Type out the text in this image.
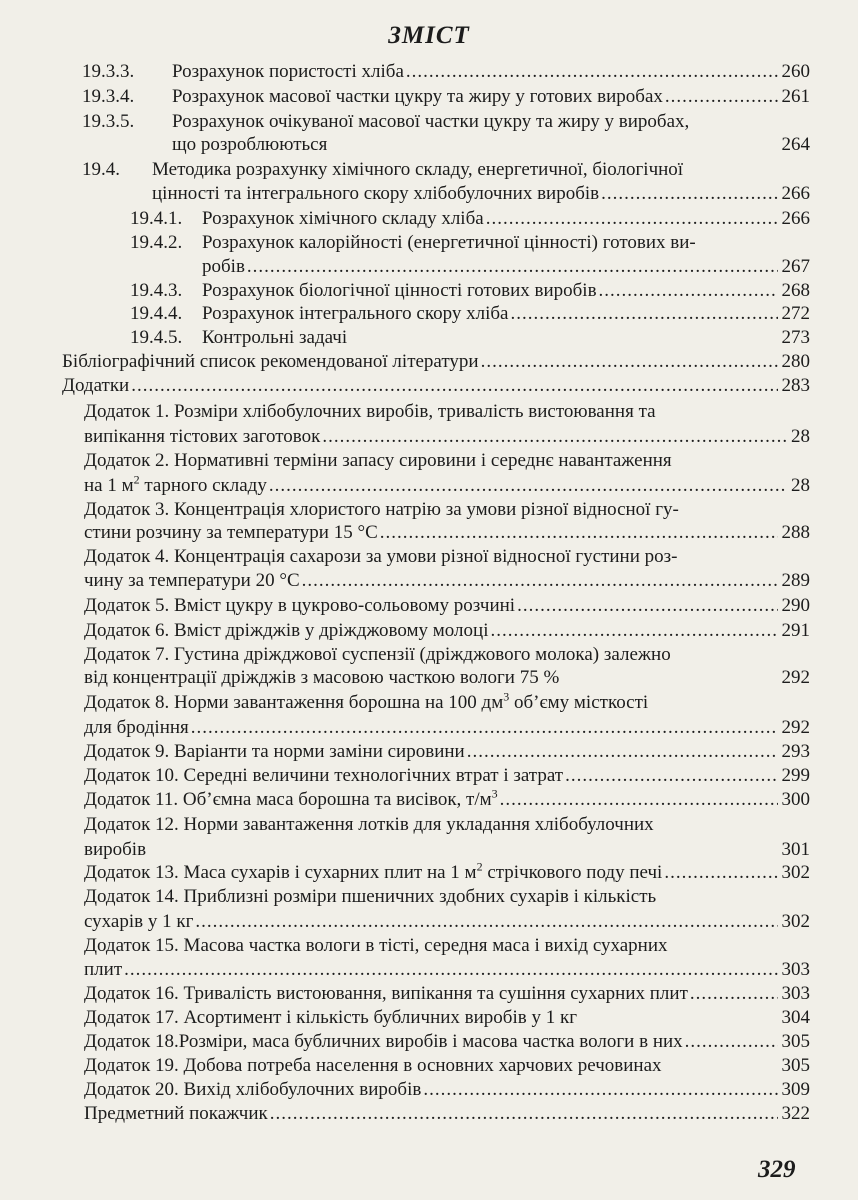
ЗМІСТ
19.3.3.	Розрахунок пористості хліба .....	260
19.3.4.	Розрахунок масової частки цукру та жиру у готових виробах .....	261
19.3.5.	Розрахунок очікуваної масової частки цукру та жиру у виробах,
що розроблюються	264
19.4.	Методика розрахунку хімічного складу, енергетичної, біологічної
цінності та інтегрального скору хлібобулочних виробів .....	266
19.4.1.	Розрахунок хімічного складу хліба .....	266
19.4.2.	Розрахунок калорійності (енергетичної цінності) готових ви-
робів .....	267
19.4.3.	Розрахунок біологічної цінності готових виробів .....	268
19.4.4.	Розрахунок інтегрального скору хліба .....	272
19.4.5.	Контрольні задачі	273
Бібліографічний список рекомендованої літератури .....	280
Додатки .....	283
Додаток 1. Розміри хлібобулочних виробів, тривалість вистоювання та
випікання тістових заготовок .....	28
Додаток 2. Нормативні терміни запасу сировини і середнє навантаження
на 1 $м^2$ тарного складу .....	28
Додаток 3. Концентрація хлористого натрію за умови різної відносної гу-
стини розчину за температури 15 °С .....	288
Додаток 4. Концентрація сахарози за умови різної відносної густини роз-
чину за температури 20 °С .....	289
Додаток 5. Вміст цукру в цукрово-сольовому розчині .....	290
Додаток 6. Вміст дріжджів у дріжджовому молоці .....	291
Додаток 7. Густина дріжджової суспензії (дріжджового молока) залежно
від концентрації дріжджів з масовою часткою вологи 75 %	292
Додаток 8. Норми завантаження борошна на 100 $дм^3$ об’єму місткості
для бродіння .....	292
Додаток 9. Варіанти та норми заміни сировини .....	293
Додаток 10. Середні величини технологічних втрат і затрат .....	299
Додаток 11. Об’ємна маса борошна та висівок, $т/м^3$ .....	300
Додаток 12. Норми завантаження лотків для укладання хлібобулочних
виробів	301
Додаток 13. Маса сухарів і сухарних плит на 1 $м^2$ стрічкового поду печі .....	302
Додаток 14. Приблизні розміри пшеничних здобних сухарів і кількість
сухарів у 1 кг .....	302
Додаток 15. Масова частка вологи в тісті, середня маса і вихід сухарних
плит .....	303
Додаток 16. Тривалість вистоювання, випікання та сушіння сухарних плит .....	303
Додаток 17. Асортимент і кількість бубличних виробів у 1 кг	304
Додаток 18.Розміри, маса бубличних виробів і масова частка вологи в них .....	305
Додаток 19. Добова потреба населення в основних харчових речовинах	305
Додаток 20. Вихід хлібобулочних виробів .....	309
Предметний покажчик .....	322
329
